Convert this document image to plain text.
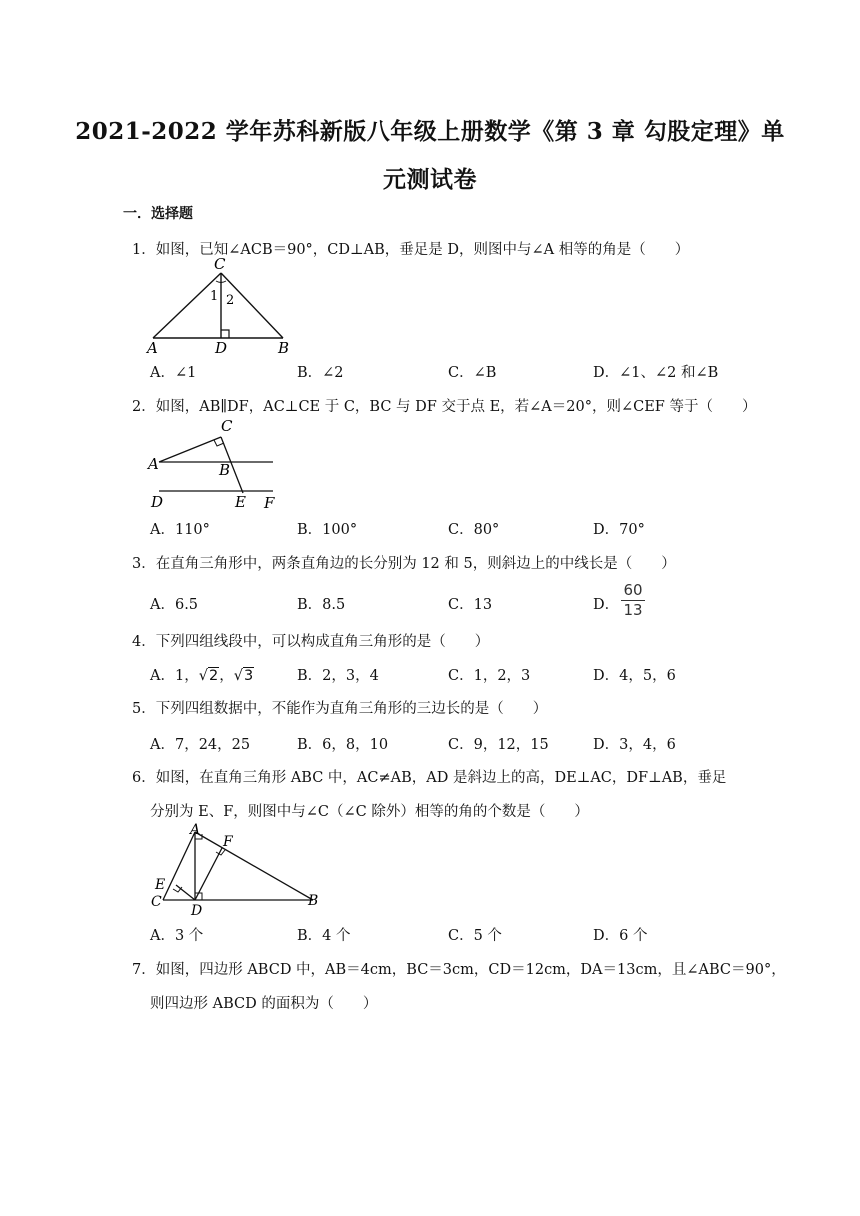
2021-2022 学年苏科新版八年级上册数学《第 3 章 勾股定理》单
元测试卷
一．选择题
1．如图，已知∠ACB＝90°，CD⊥AB，垂足是 D，则图中与∠A 相等的角是（　　）
C
1 2
A	D	B
A．∠1	B．∠2	C．∠B	D．∠1、∠2 和∠B
2．如图，AB∥DF，AC⊥CE 于 C，BC 与 DF 交于点 E，若∠A＝20°，则∠CEF 等于（　　）
C
A	B
D	E F
A．110°	B．100°	C．80°	D．70°
3．在直角三角形中，两条直角边的长分别为 12 和 5，则斜边上的中线长是（　　）
A．6.5	B．8.5	C．13	D．
60
13
4．下列四组线段中，可以构成直角三角形的是（　　）
A．1，√2，√3	B．2，3，4	C．1，2，3	D．4，5，6
5．下列四组数据中，不能作为直角三角形的三边长的是（　　）
A．7，24，25	B．6，8，10	C．9，12，15	D．3，4，6
6．如图，在直角三角形 ABC 中，AC≠AB，AD 是斜边上的高，DE⊥AC，DF⊥AB，垂足
分别为 E、F，则图中与∠C（∠C 除外）相等的角的个数是（　　）
A
F
E
C
D
B
A．3 个	B．4 个	C．5 个	D．6 个
7．如图，四边形 ABCD 中，AB＝4cm，BC＝3cm，CD＝12cm，DA＝13cm，且∠ABC＝90°，
则四边形 ABCD 的面积为（　　）
